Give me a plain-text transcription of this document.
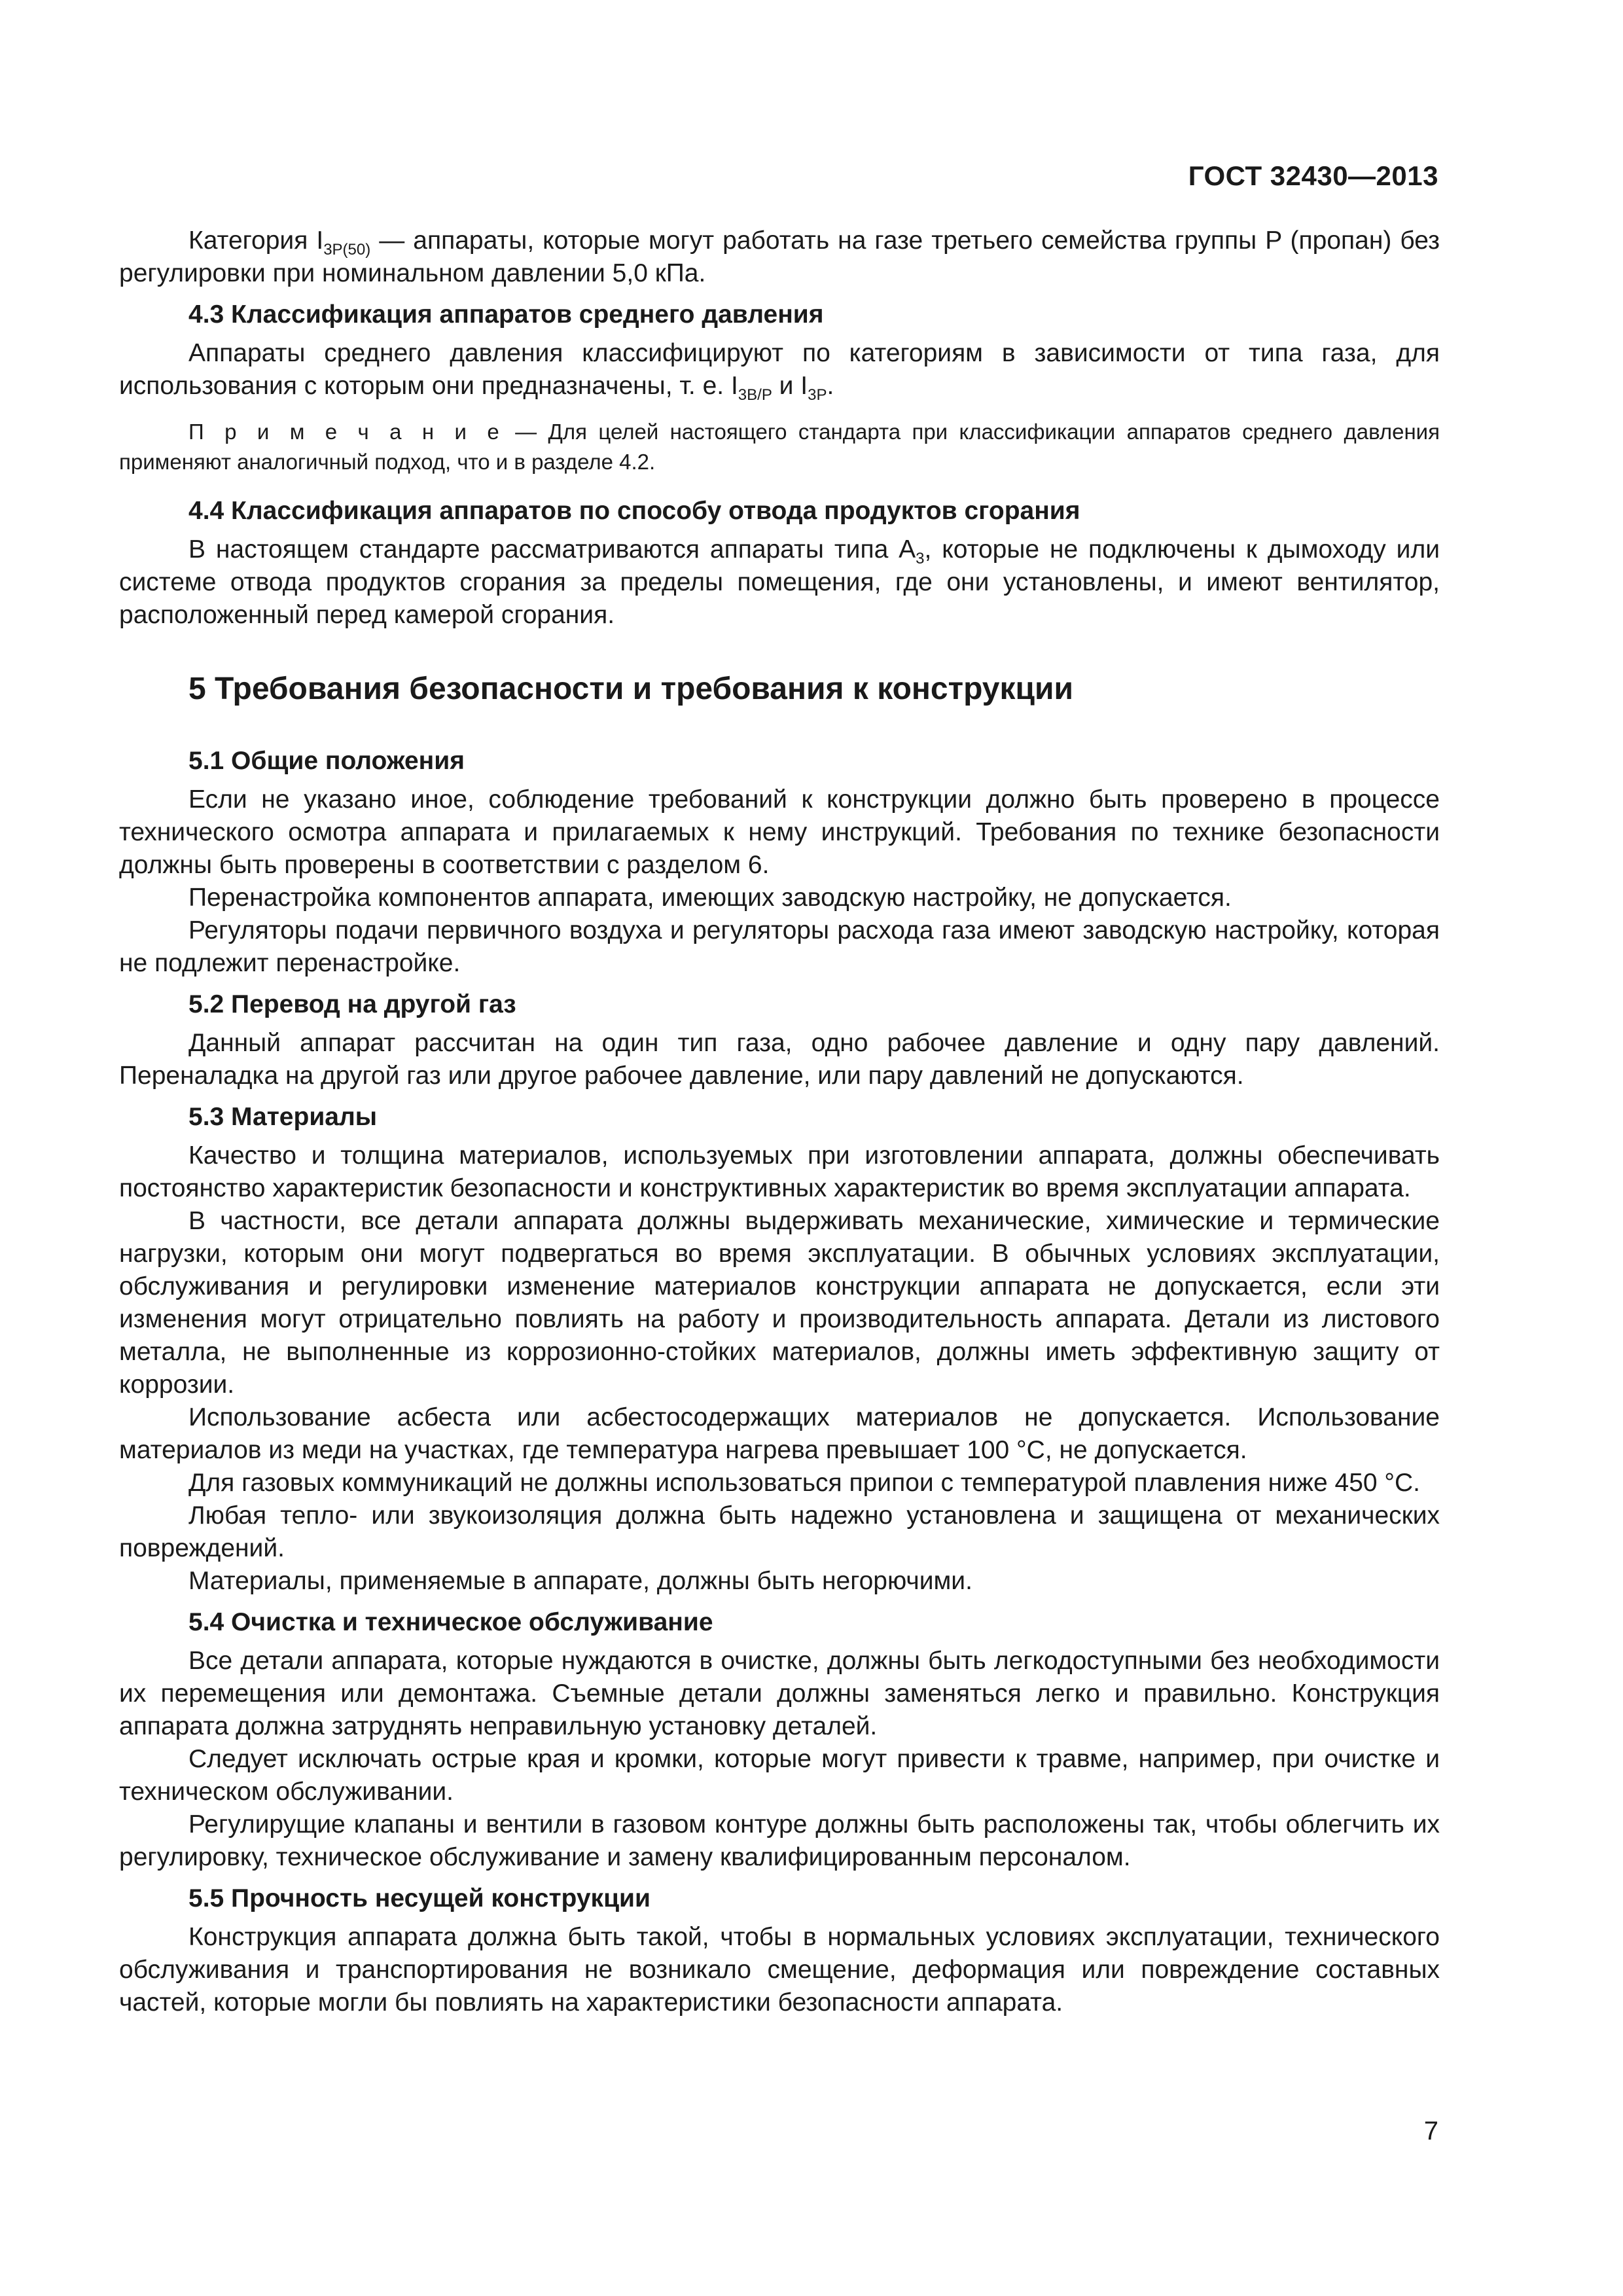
ГОСТ 32430—2013

Категория $I_{3P(50)}$ — аппараты, которые могут работать на газе третьего семейства группы P (пропан) без регулировки при номинальном давлении 5,0 кПа.

4.3 Классификация аппаратов среднего давления

Аппараты среднего давления классифицируют по категориям в зависимости от типа газа, для использования с которым они предназначены, т. е. $I_{3B/P}$ и $I_{3P}$.

П р и м е ч а н и е — Для целей настоящего стандарта при классификации аппаратов среднего давления применяют аналогичный подход, что и в разделе 4.2.
4.4 Классификация аппаратов по способу отвода продуктов сгорания

В настоящем стандарте рассматриваются аппараты типа $A_3$, которые не подключены к дымоходу или системе отвода продуктов сгорания за пределы помещения, где они установлены, и имеют вентилятор, расположенный перед камерой сгорания.

5 Требования безопасности и требования к конструкции
5.1 Общие положения

Если не указано иное, соблюдение требований к конструкции должно быть проверено в процессе технического осмотра аппарата и прилагаемых к нему инструкций. Требования по технике безопасности должны быть проверены в соответствии с разделом 6.

Перенастройка компонентов аппарата, имеющих заводскую настройку, не допускается.

Регуляторы подачи первичного воздуха и регуляторы расхода газа имеют заводскую настройку, которая не подлежит перенастройке.

5.2 Перевод на другой газ

Данный аппарат рассчитан на один тип газа, одно рабочее давление и одну пару давлений. Переналадка на другой газ или другое рабочее давление, или пару давлений не допускаются.

5.3 Материалы

Качество и толщина материалов, используемых при изготовлении аппарата, должны обеспечивать постоянство характеристик безопасности и конструктивных характеристик во время эксплуатации аппарата.

В частности, все детали аппарата должны выдерживать механические, химические и термические нагрузки, которым они могут подвергаться во время эксплуатации. В обычных условиях эксплуатации, обслуживания и регулировки изменение материалов конструкции аппарата не допускается, если эти изменения могут отрицательно повлиять на работу и производительность аппарата. Детали из листового металла, не выполненные из коррозионно-стойких материалов, должны иметь эффективную защиту от коррозии.

Использование асбеста или асбестосодержащих материалов не допускается. Использование материалов из меди на участках, где температура нагрева превышает 100 °С, не допускается.

Для газовых коммуникаций не должны использоваться припои с температурой плавления ниже 450 °С.

Любая тепло- или звукоизоляция должна быть надежно установлена и защищена от механических повреждений.

Материалы, применяемые в аппарате, должны быть негорючими.

5.4 Очистка и техническое обслуживание

Все детали аппарата, которые нуждаются в очистке, должны быть легкодоступными без необходимости их перемещения или демонтажа. Съемные детали должны заменяться легко и правильно. Конструкция аппарата должна затруднять неправильную установку деталей.

Следует исключать острые края и кромки, которые могут привести к травме, например, при очистке и техническом обслуживании.

Регулирущие клапаны и вентили в газовом контуре должны быть расположены так, чтобы облегчить их регулировку, техническое обслуживание и замену квалифицированным персоналом.

5.5 Прочность несущей конструкции

Конструкция аппарата должна быть такой, чтобы в нормальных условиях эксплуатации, технического обслуживания и транспортирования не возникало смещение, деформация или повреждение составных частей, которые могли бы повлиять на характеристики безопасности аппарата.

7
